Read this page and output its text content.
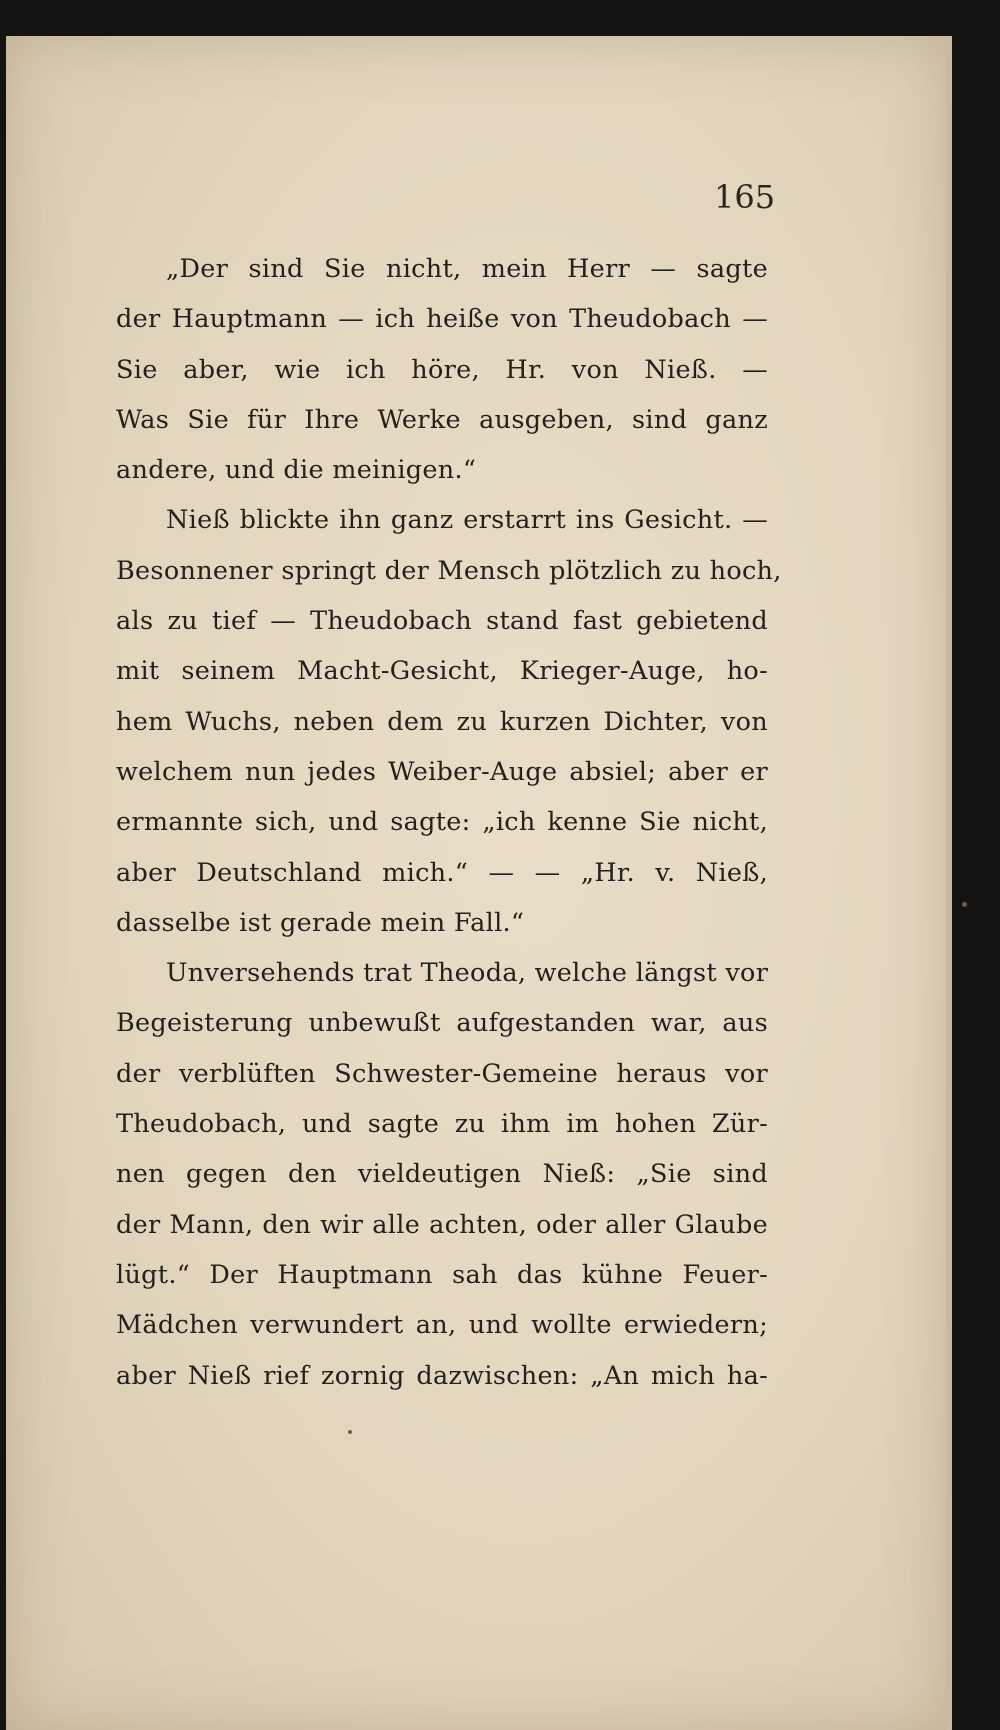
165

„Der sind Sie nicht, mein Herr — sagte
der Hauptmann — ich heiße von Theudobach —
Sie aber, wie ich höre, Hr. von Nieß. —
Was Sie für Ihre Werke ausgeben, sind ganz
andere, und die meinigen.“
Nieß blickte ihn ganz erstarrt ins Gesicht. —
Besonnener springt der Mensch plötzlich zu hoch,
als zu tief — Theudobach stand fast gebietend
mit seinem Macht-Gesicht, Krieger-Auge, ho-
hem Wuchs, neben dem zu kurzen Dichter, von
welchem nun jedes Weiber-Auge absiel; aber er
ermannte sich, und sagte: „ich kenne Sie nicht,
aber Deutschland mich.“ — — „Hr. v. Nieß,
dasselbe ist gerade mein Fall.“
Unversehends trat Theoda, welche längst vor
Begeisterung unbewußt aufgestanden war, aus
der verblüften Schwester-Gemeine heraus vor
Theudobach, und sagte zu ihm im hohen Zür-
nen gegen den vieldeutigen Nieß: „Sie sind
der Mann, den wir alle achten, oder aller Glaube
lügt.“ Der Hauptmann sah das kühne Feuer-
Mädchen verwundert an, und wollte erwiedern;
aber Nieß rief zornig dazwischen: „An mich ha-
